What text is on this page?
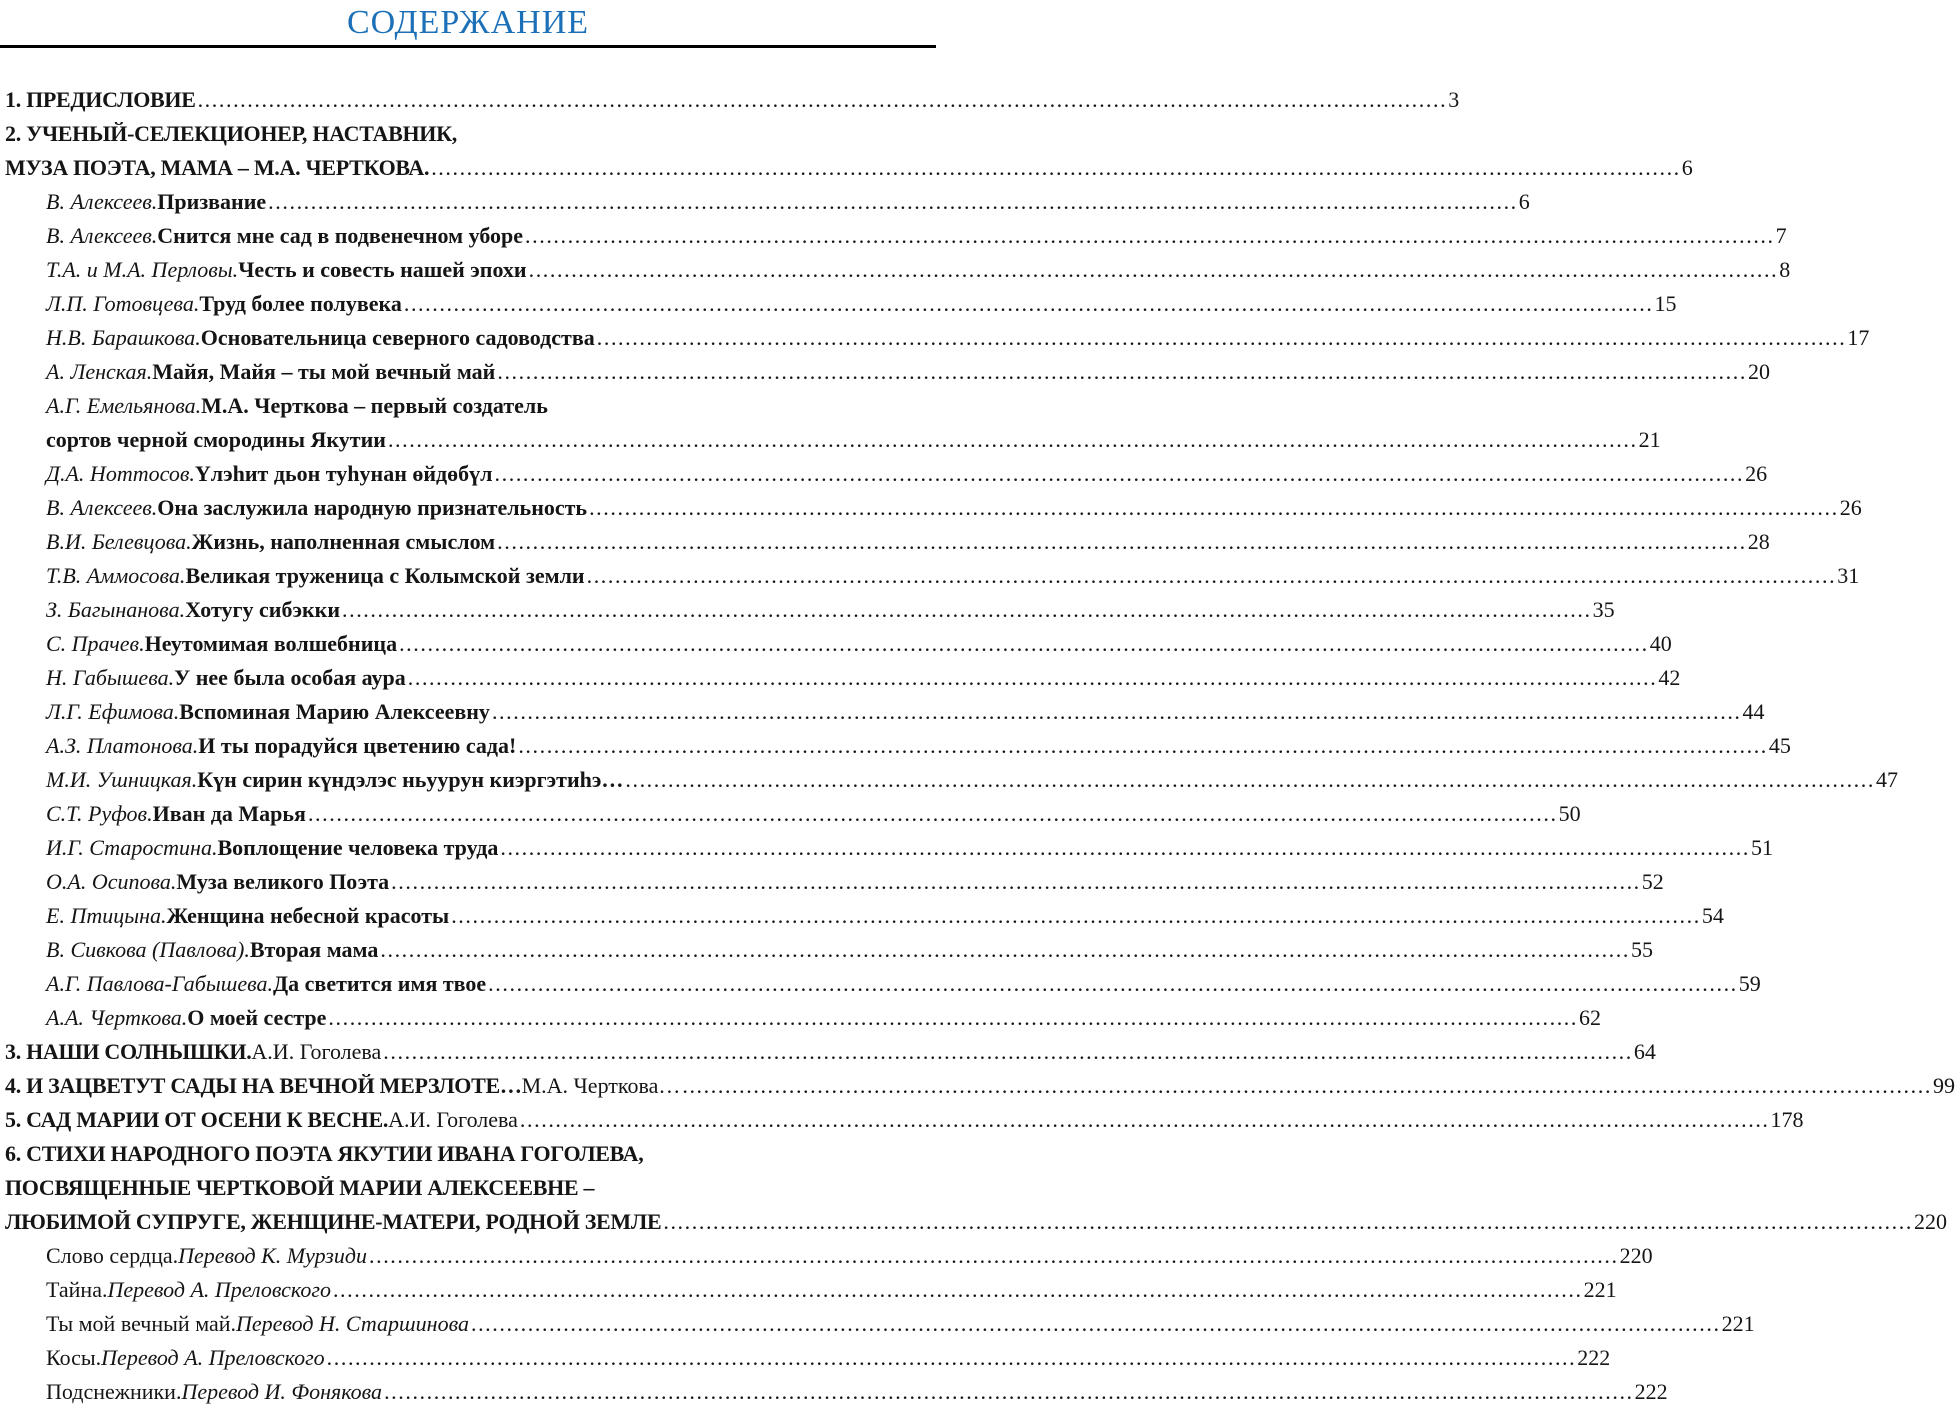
СОДЕРЖАНИЕ
1. ПРЕДИСЛОВИЕ .....	3
2. УЧЕНЫЙ-СЕЛЕКЦИОНЕР, НАСТАВНИК,
МУЗА ПОЭТА, МАМА – М.А. ЧЕРТКОВА. .....	6
В. Алексеев. Призвание .....	6
В. Алексеев. Снится мне сад в подвенечном уборе .....	7
Т.А. и М.А. Перловы. Честь и совесть нашей эпохи .....	8
Л.П. Готовцева. Труд более полувека .....	15
Н.В. Барашкова. Основательница северного садоводства .....	17
А. Ленская. Майя, Майя – ты мой вечный май .....	20
А.Г. Емельянова. М.А. Черткова – первый создатель
сортов черной смородины Якутии .....	21
Д.А. Ноттосов. Үлэһит дьон туһунан өйдөбүл .....	26
В. Алексеев. Она заслужила народную признательность .....	26
В.И. Белевцова. Жизнь, наполненная смыслом .....	28
Т.В. Аммосова. Великая труженица с Колымской земли .....	31
З. Багынанова. Хотугу сибэкки .....	35
С. Прачев. Неутомимая волшебница .....	40
Н. Габышева. У нее была особая аура .....	42
Л.Г. Ефимова. Вспоминая Марию Алексеевну .....	44
А.З. Платонова. И ты порадуйся цветению сада! .....	45
М.И. Ушницкая. Күн сирин күндэлэс ньуурун киэргэтиһэ… .....	47
С.Т. Руфов. Иван да Марья .....	50
И.Г. Старостина. Воплощение человека труда .....	51
О.А. Осипова. Муза великого Поэта .....	52
Е. Птицына. Женщина небесной красоты .....	54
В. Сивкова (Павлова). Вторая мама .....	55
А.Г. Павлова-Габышева. Да светится имя твое .....	59
А.А. Черткова. О моей сестре .....	62
3. НАШИ СОЛНЫШКИ. А.И. Гоголева .....	64
4. И ЗАЦВЕТУТ САДЫ НА ВЕЧНОЙ МЕРЗЛОТЕ… М.А. Черткова… .....	99
5. САД МАРИИ ОТ ОСЕНИ К ВЕСНЕ. А.И. Гоголева .....	178
6. СТИХИ НАРОДНОГО ПОЭТА ЯКУТИИ ИВАНА ГОГОЛЕВА,
ПОСВЯЩЕННЫЕ ЧЕРТКОВОЙ МАРИИ АЛЕКСЕЕВНЕ –
ЛЮБИМОЙ СУПРУГЕ, ЖЕНЩИНЕ-МАТЕРИ, РОДНОЙ ЗЕМЛЕ .....	220
Слово сердца. Перевод К. Мурзиди .....	220
Тайна. Перевод А. Преловского .....	221
Ты мой вечный май. Перевод Н. Старшинова .....	221
Косы. Перевод А. Преловского .....	222
Подснежники. Перевод И. Фонякова .....	222
